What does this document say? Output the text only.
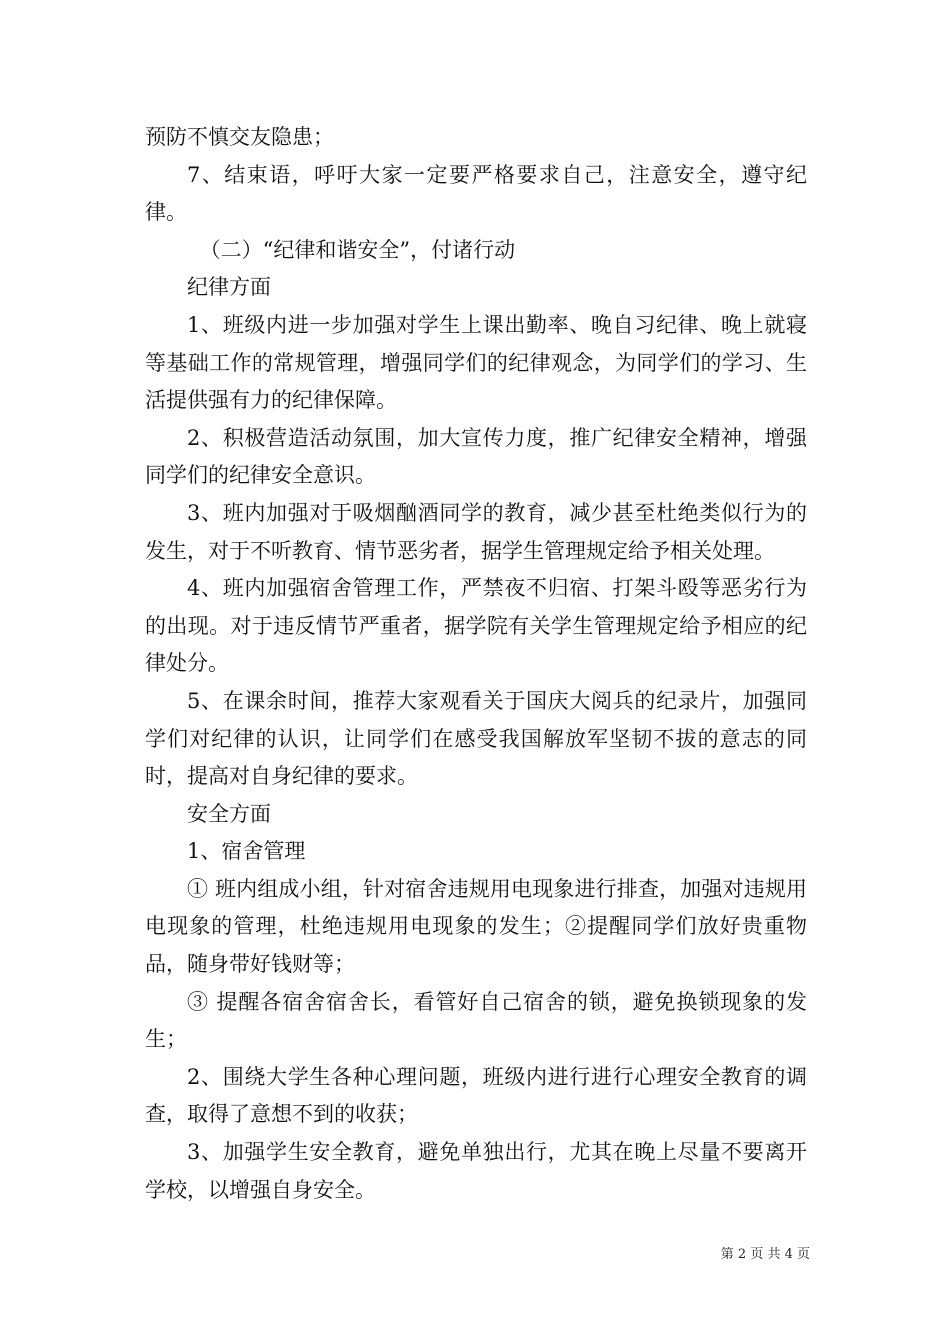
预防不慎交友隐患；

7、结束语，呼吁大家一定要严格要求自己，注意安全，遵守纪律。

（二）“纪律和谐安全”，付诸行动

纪律方面

1、班级内进一步加强对学生上课出勤率、晚自习纪律、晚上就寝等基础工作的常规管理，增强同学们的纪律观念，为同学们的学习、生活提供强有力的纪律保障。

2、积极营造活动氛围，加大宣传力度，推广纪律安全精神，增强同学们的纪律安全意识。

3、班内加强对于吸烟酗酒同学的教育，减少甚至杜绝类似行为的发生，对于不听教育、情节恶劣者，据学生管理规定给予相关处理。

4、班内加强宿舍管理工作，严禁夜不归宿、打架斗殴等恶劣行为的出现。对于违反情节严重者，据学院有关学生管理规定给予相应的纪律处分。

5、在课余时间，推荐大家观看关于国庆大阅兵的纪录片，加强同学们对纪律的认识，让同学们在感受我国解放军坚韧不拔的意志的同时，提高对自身纪律的要求。

安全方面

1、宿舍管理

① 班内组成小组，针对宿舍违规用电现象进行排查，加强对违规用电现象的管理，杜绝违规用电现象的发生；②提醒同学们放好贵重物品，随身带好钱财等；

③ 提醒各宿舍宿舍长，看管好自己宿舍的锁，避免换锁现象的发生；

2、围绕大学生各种心理问题，班级内进行进行心理安全教育的调查，取得了意想不到的收获；

3、加强学生安全教育，避免单独出行，尤其在晚上尽量不要离开学校，以增强自身安全。

第 2 页 共 4 页
